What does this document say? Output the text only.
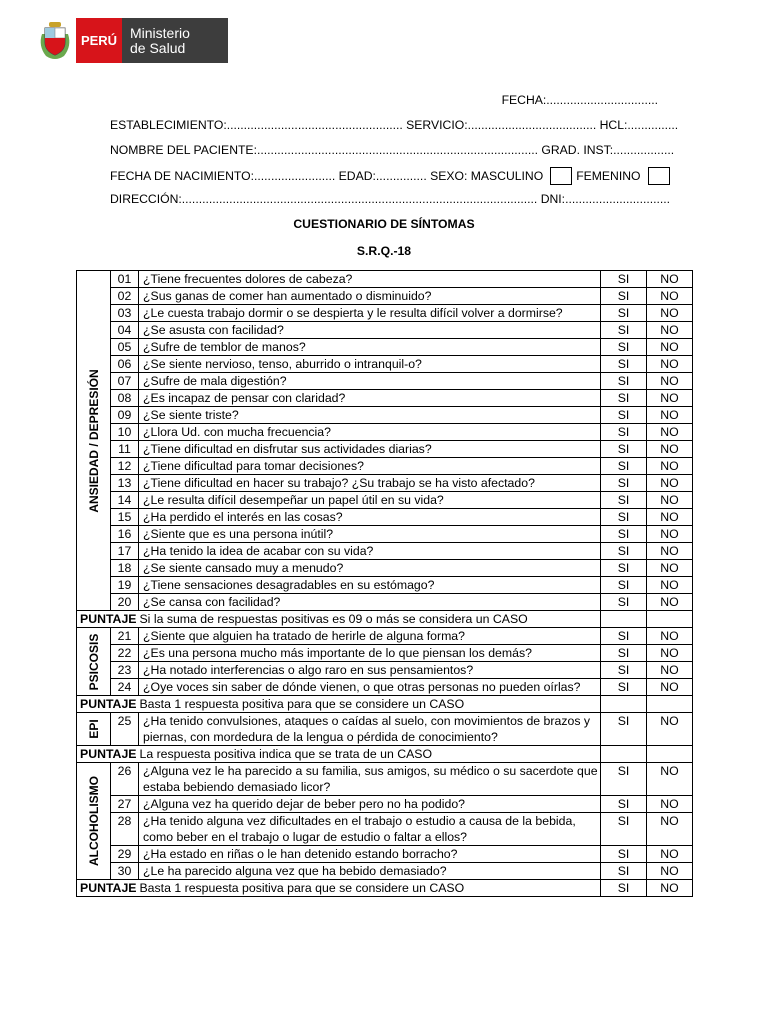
PERÚ Ministerio
de Salud
FECHA:.................................
ESTABLECIMIENTO:.................................................... SERVICIO:...................................... HCL:...............
NOMBRE DEL PACIENTE:................................................................................... GRAD. INST:..................
FECHA DE NACIMIENTO:........................ EDAD:............... SEXO: MASCULINO	FEMENINO
DIRECCIÓN:......................................................................................................... DNI:...............................
CUESTIONARIO DE SÍNTOMAS
S.R.Q.-18
ANSIEDAD / DEPRESIÓN	01	¿Tiene frecuentes dolores de cabeza?	SI	NO
	02	¿Sus ganas de comer han aumentado o disminuido?	SI	NO
	03	¿Le cuesta trabajo dormir o se despierta y le resulta difícil volver a dormirse?	SI	NO
	04	¿Se asusta con facilidad?	SI	NO
	05	¿Sufre de temblor de manos?	SI	NO
	06	¿Se siente nervioso, tenso, aburrido o intranquil-o?	SI	NO
	07	¿Sufre de mala digestión?	SI	NO
	08	¿Es incapaz de pensar con claridad?	SI	NO
	09	¿Se siente triste?	SI	NO
	10	¿Llora Ud. con mucha frecuencia?	SI	NO
	11	¿Tiene dificultad en disfrutar sus actividades diarias?	SI	NO
	12	¿Tiene dificultad para tomar decisiones?	SI	NO
	13	¿Tiene dificultad en hacer su trabajo? ¿Su trabajo se ha visto afectado?	SI	NO
	14	¿Le resulta difícil desempeñar un papel útil en su vida?	SI	NO
	15	¿Ha perdido el interés en las cosas?	SI	NO
	16	¿Siente que es una persona inútil?	SI	NO
	17	¿Ha tenido la idea de acabar con su vida?	SI	NO
	18	¿Se siente cansado muy a menudo?	SI	NO
	19	¿Tiene sensaciones desagradables en su estómago?	SI	NO
	20	¿Se cansa con facilidad?	SI	NO
PUNTAJE Si la suma de respuestas positivas es 09 o más se considera un CASO				

PSICOSIS	21	¿Siente que alguien ha tratado de herirle de alguna forma?	SI	NO
	22	¿Es una persona mucho más importante de lo que piensan los demás?	SI	NO
	23	¿Ha notado interferencias o algo raro en sus pensamientos?	SI	NO
	24	¿Oye voces sin saber de dónde vienen, o que otras personas no pueden oírlas?	SI	NO
PUNTAJE Basta 1 respuesta positiva para que se considere un CASO				

EPI	25	¿Ha tenido convulsiones, ataques o caídas al suelo, con movimientos de brazos y piernas, con mordedura de la lengua o pérdida de conocimiento?	SI	NO
PUNTAJE La respuesta positiva indica que se trata de un CASO				

ALCOHOLISMO	26	¿Alguna vez le ha parecido a su familia, sus amigos, su médico o su sacerdote que estaba bebiendo demasiado licor?	SI	NO
	27	¿Alguna vez ha querido dejar de beber pero no ha podido?	SI	NO
	28	¿Ha tenido alguna vez dificultades en el trabajo o estudio a causa de la bebida, como beber en el trabajo o lugar de estudio o faltar a ellos?	SI	NO
	29	¿Ha estado en riñas o le han detenido estando borracho?	SI	NO
	30	¿Le ha parecido alguna vez que ha bebido demasiado?	SI	NO
PUNTAJE Basta 1 respuesta positiva para que se considere un CASO			SI	NO
